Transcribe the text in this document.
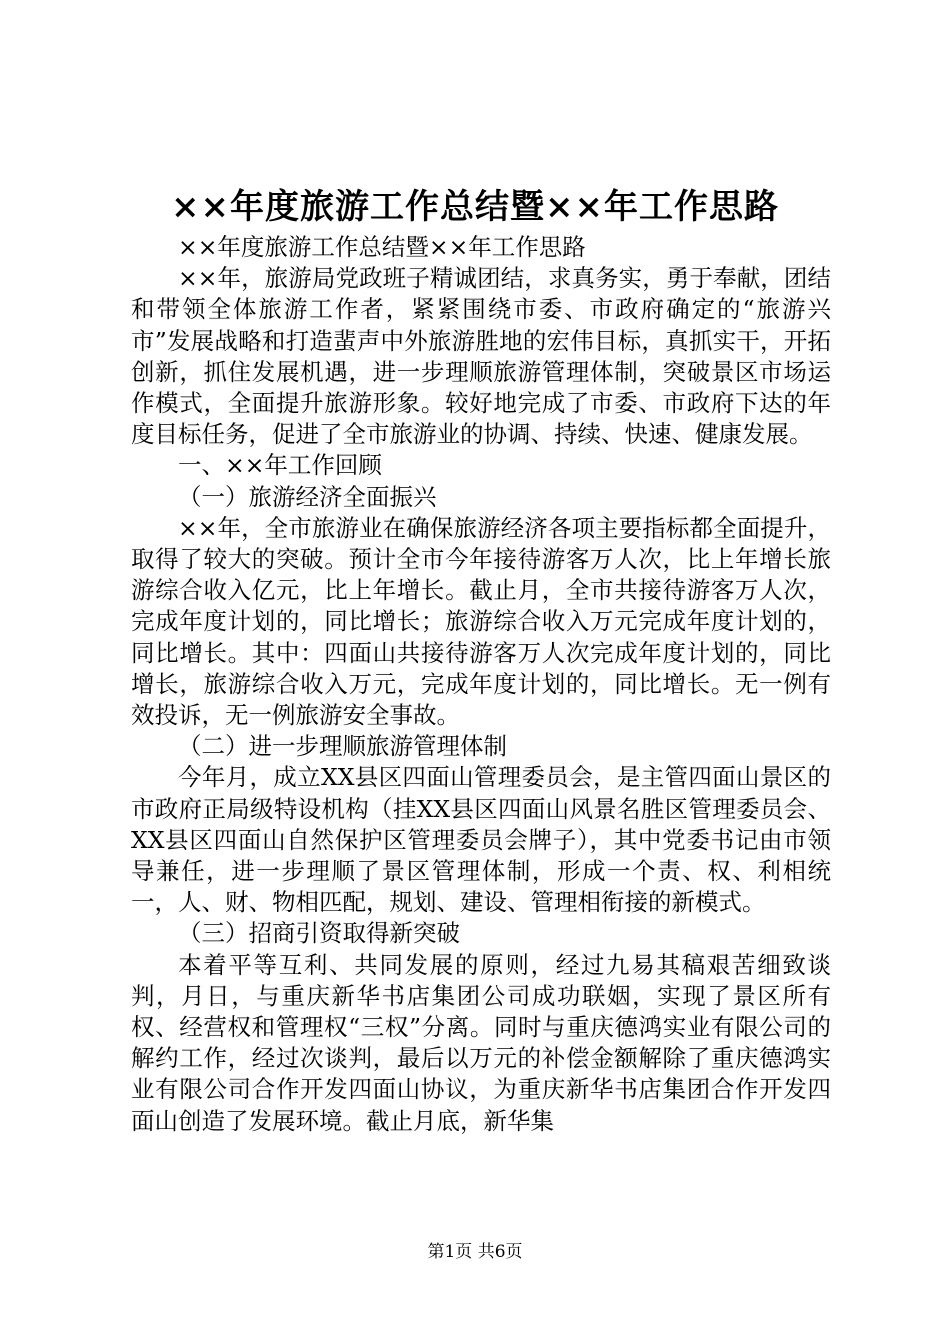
××年度旅游工作总结暨××年工作思路

××年度旅游工作总结暨××年工作思路

××年，旅游局党政班子精诚团结，求真务实，勇于奉献，团结和带领全体旅游工作者，紧紧围绕市委、市政府确定的“旅游兴市”发展战略和打造蜚声中外旅游胜地的宏伟目标，真抓实干，开拓创新，抓住发展机遇，进一步理顺旅游管理体制，突破景区市场运作模式，全面提升旅游形象。较好地完成了市委、市政府下达的年度目标任务，促进了全市旅游业的协调、持续、快速、健康发展。

一、××年工作回顾

（一）旅游经济全面振兴

××年，全市旅游业在确保旅游经济各项主要指标都全面提升，取得了较大的突破。预计全市今年接待游客万人次，比上年增长旅游综合收入亿元，比上年增长。截止月，全市共接待游客万人次，完成年度计划的，同比增长；旅游综合收入万元完成年度计划的，同比增长。其中：四面山共接待游客万人次完成年度计划的，同比增长，旅游综合收入万元，完成年度计划的，同比增长。无一例有效投诉，无一例旅游安全事故。

（二）进一步理顺旅游管理体制

今年月，成立XX县区四面山管理委员会，是主管四面山景区的市政府正局级特设机构（挂XX县区四面山风景名胜区管理委员会、XX县区四面山自然保护区管理委员会牌子），其中党委书记由市领导兼任，进一步理顺了景区管理体制，形成一个责、权、利相统一，人、财、物相匹配，规划、建设、管理相衔接的新模式。

（三）招商引资取得新突破

本着平等互利、共同发展的原则，经过九易其稿艰苦细致谈判，月日，与重庆新华书店集团公司成功联姻，实现了景区所有权、经营权和管理权“三权”分离。同时与重庆德鸿实业有限公司的解约工作，经过次谈判，最后以万元的补偿金额解除了重庆德鸿实业有限公司合作开发四面山协议，为重庆新华书店集团合作开发四面山创造了发展环境。截止月底，新华集

第1页 共6页
